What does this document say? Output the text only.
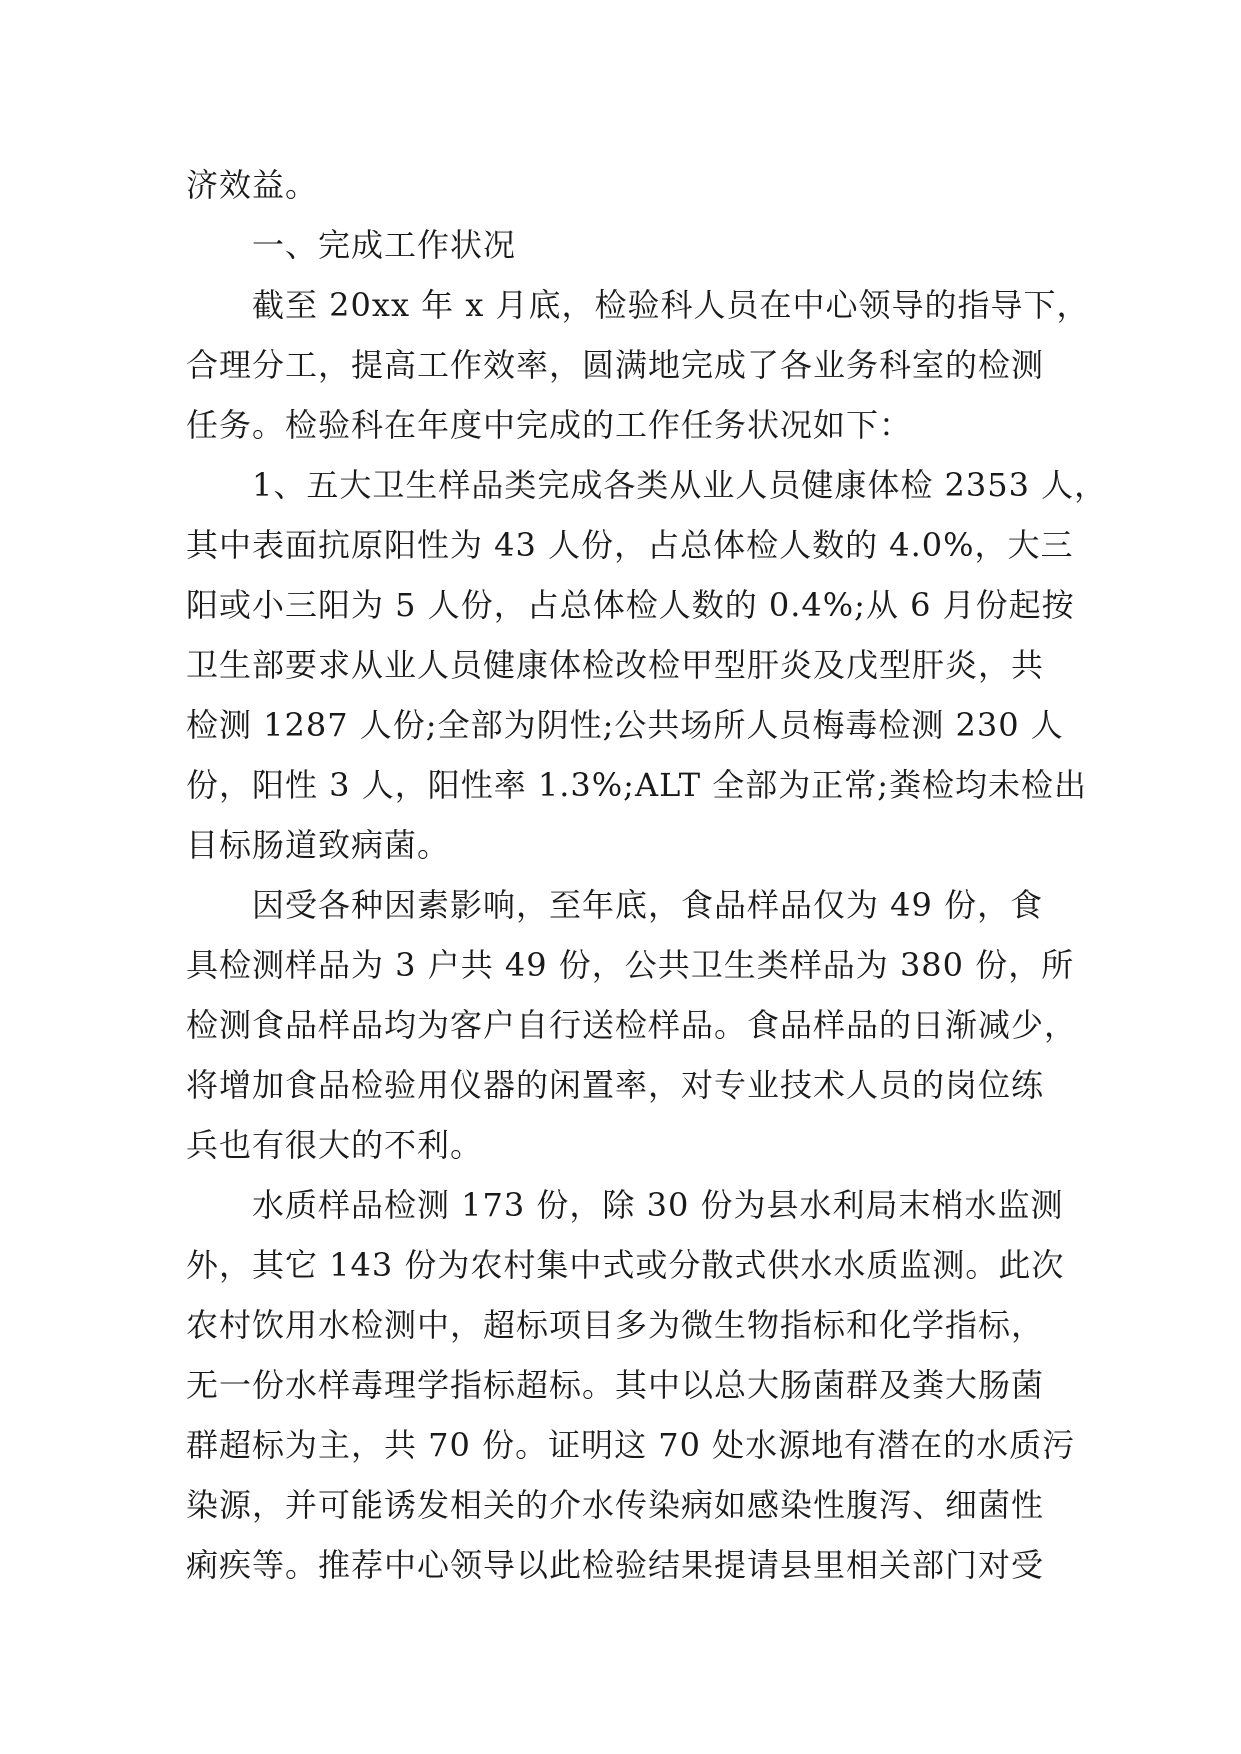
济效益。
一、完成工作状况
截至 20xx 年 x 月底，检验科人员在中心领导的指导下，
合理分工，提高工作效率，圆满地完成了各业务科室的检测
任务。检验科在年度中完成的工作任务状况如下：
1、五大卫生样品类完成各类从业人员健康体检 2353 人，
其中表面抗原阳性为 43 人份，占总体检人数的 4.0%，大三
阳或小三阳为 5 人份，占总体检人数的 0.4%;从 6 月份起按
卫生部要求从业人员健康体检改检甲型肝炎及戊型肝炎，共
检测 1287 人份;全部为阴性;公共场所人员梅毒检测 230 人
份，阳性 3 人，阳性率 1.3%;ALT 全部为正常;粪检均未检出
目标肠道致病菌。
因受各种因素影响，至年底，食品样品仅为 49 份，食
具检测样品为 3 户共 49 份，公共卫生类样品为 380 份，所
检测食品样品均为客户自行送检样品。食品样品的日渐减少，
将增加食品检验用仪器的闲置率，对专业技术人员的岗位练
兵也有很大的不利。
水质样品检测 173 份，除 30 份为县水利局末梢水监测
外，其它 143 份为农村集中式或分散式供水水质监测。此次
农村饮用水检测中，超标项目多为微生物指标和化学指标，
无一份水样毒理学指标超标。其中以总大肠菌群及粪大肠菌
群超标为主，共 70 份。证明这 70 处水源地有潜在的水质污
染源，并可能诱发相关的介水传染病如感染性腹泻、细菌性
痢疾等。推荐中心领导以此检验结果提请县里相关部门对受
